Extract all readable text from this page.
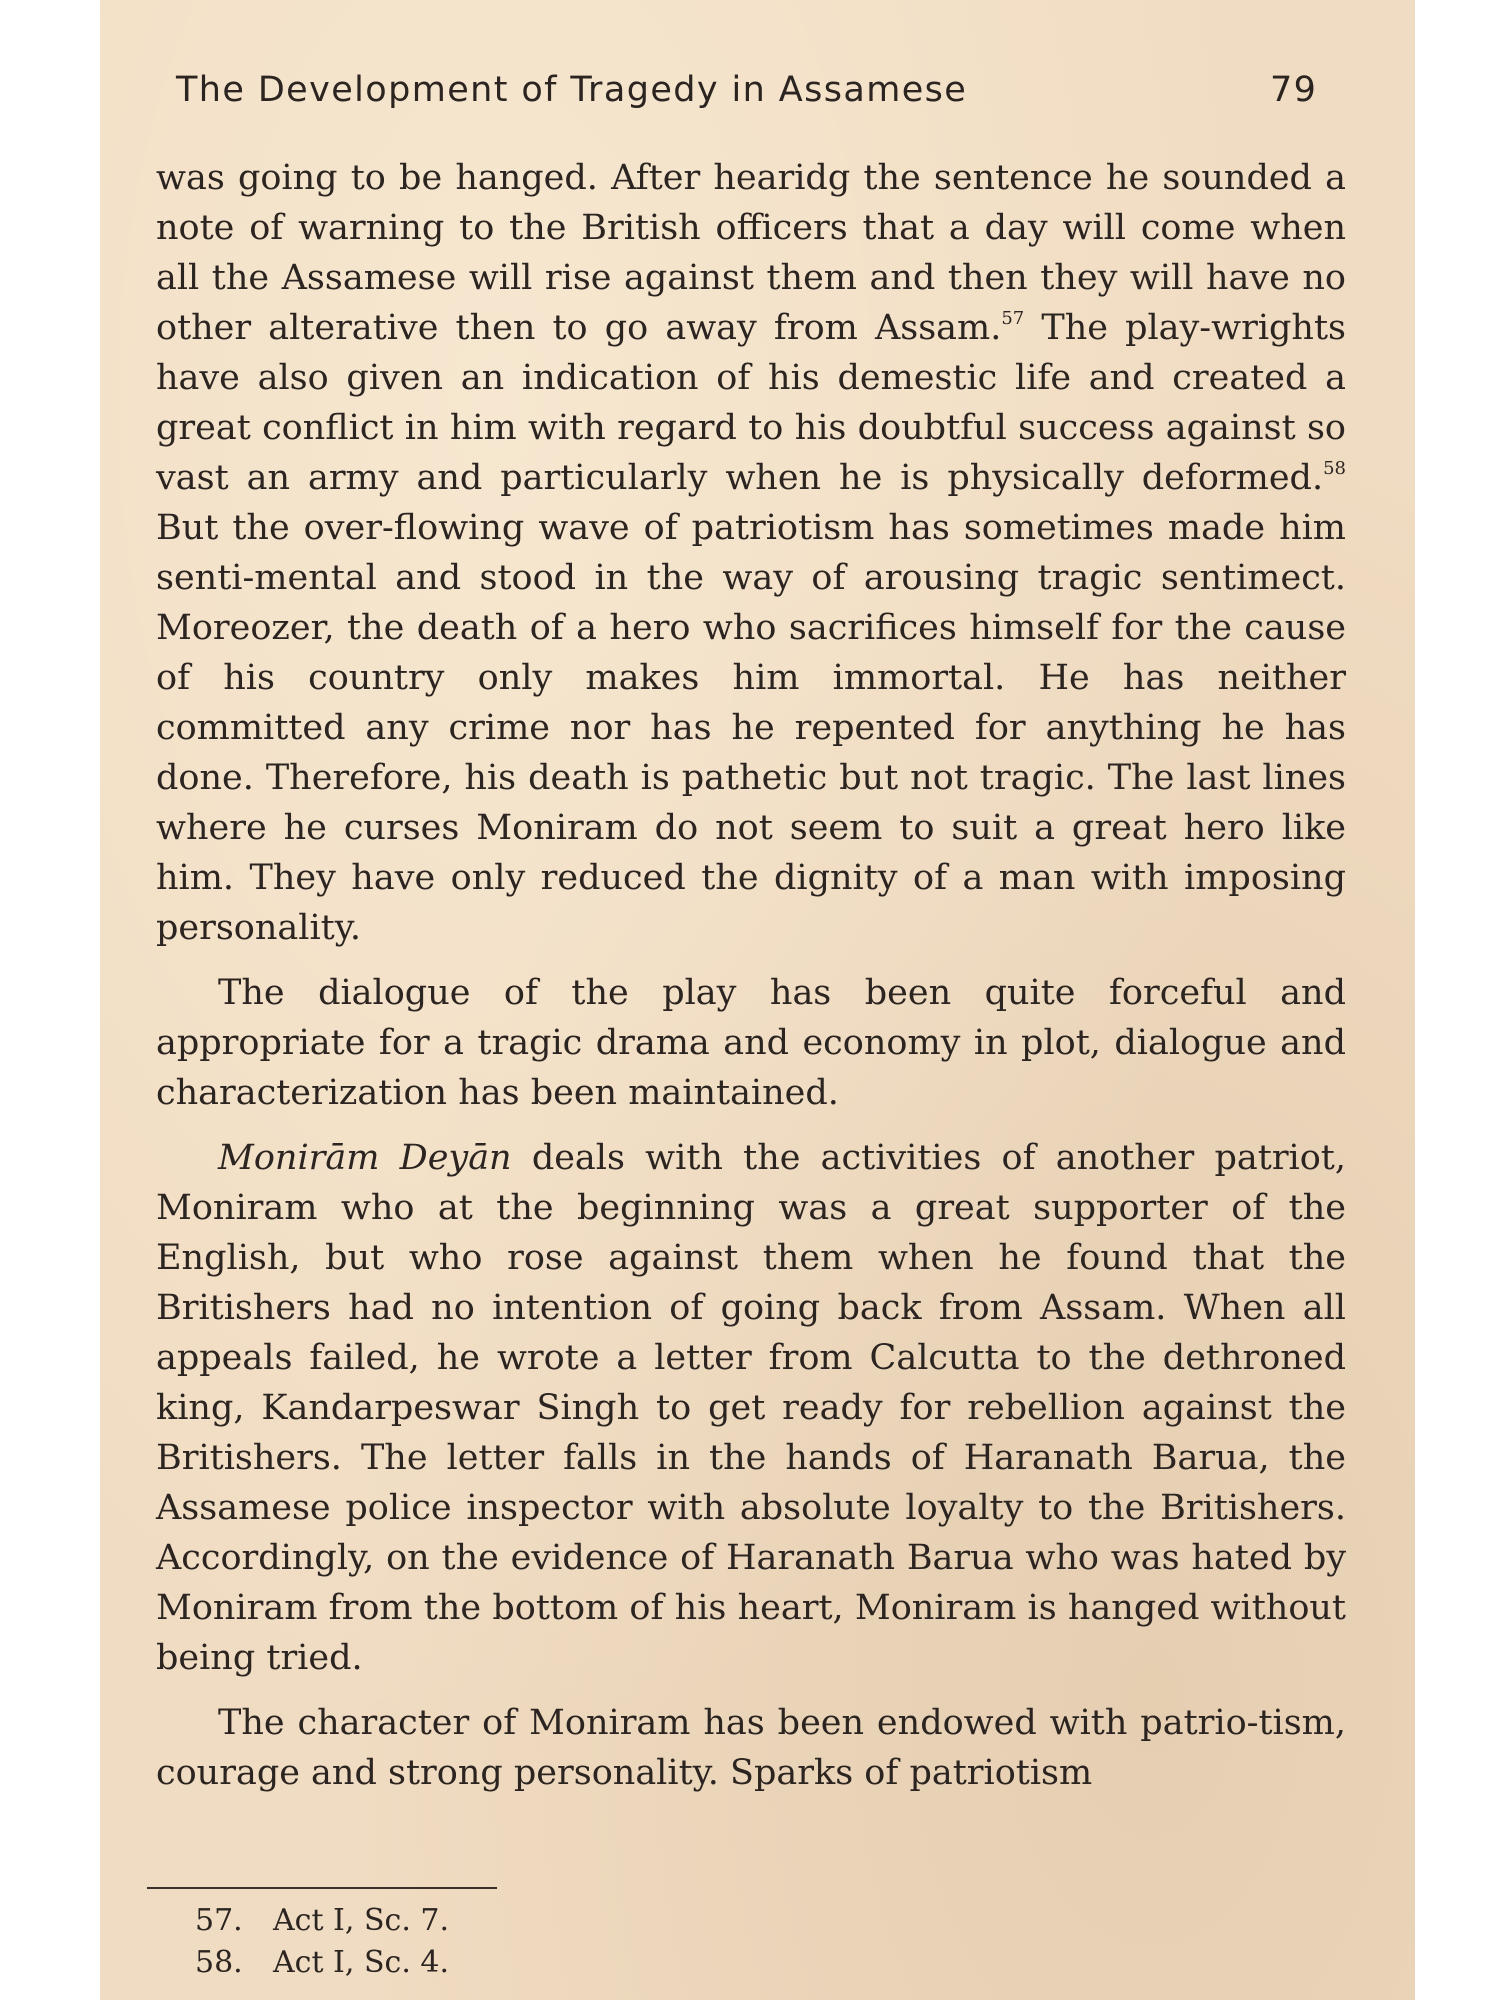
The Development of Tragedy in Assamese	79

was going to be hanged. After hearidg the sentence he sounded a note of warning to the British officers that a day will come when all the Assamese will rise against them and then they will have no other alterative then to go away from Assam.$^{57}$ The play-wrights have also given an indication of his demestic life and created a great conflict in him with regard to his doubtful success against so vast an army and particularly when he is physically deformed.$^{58}$ But the over-flowing wave of patriotism has sometimes made him senti-mental and stood in the way of arousing tragic sentimect. Moreozer, the death of a hero who sacrifices himself for the cause of his country only makes him immortal. He has neither committed any crime nor has he repented for anything he has done. Therefore, his death is pathetic but not tragic. The last lines where he curses Moniram do not seem to suit a great hero like him. They have only reduced the dignity of a man with imposing personality.

The dialogue of the play has been quite forceful and appropriate for a tragic drama and economy in plot, dialogue and characterization has been maintained.

Monirām Deyān deals with the activities of another patriot, Moniram who at the beginning was a great supporter of the English, but who rose against them when he found that the Britishers had no intention of going back from Assam. When all appeals failed, he wrote a letter from Calcutta to the dethroned king, Kandarpeswar Singh to get ready for rebellion against the Britishers. The letter falls in the hands of Haranath Barua, the Assamese police inspector with absolute loyalty to the Britishers. Accordingly, on the evidence of Haranath Barua who was hated by Moniram from the bottom of his heart, Moniram is hanged without being tried.

The character of Moniram has been endowed with patrio-tism, courage and strong personality. Sparks of patriotism

57. Act I, Sc. 7.
58. Act I, Sc. 4.
